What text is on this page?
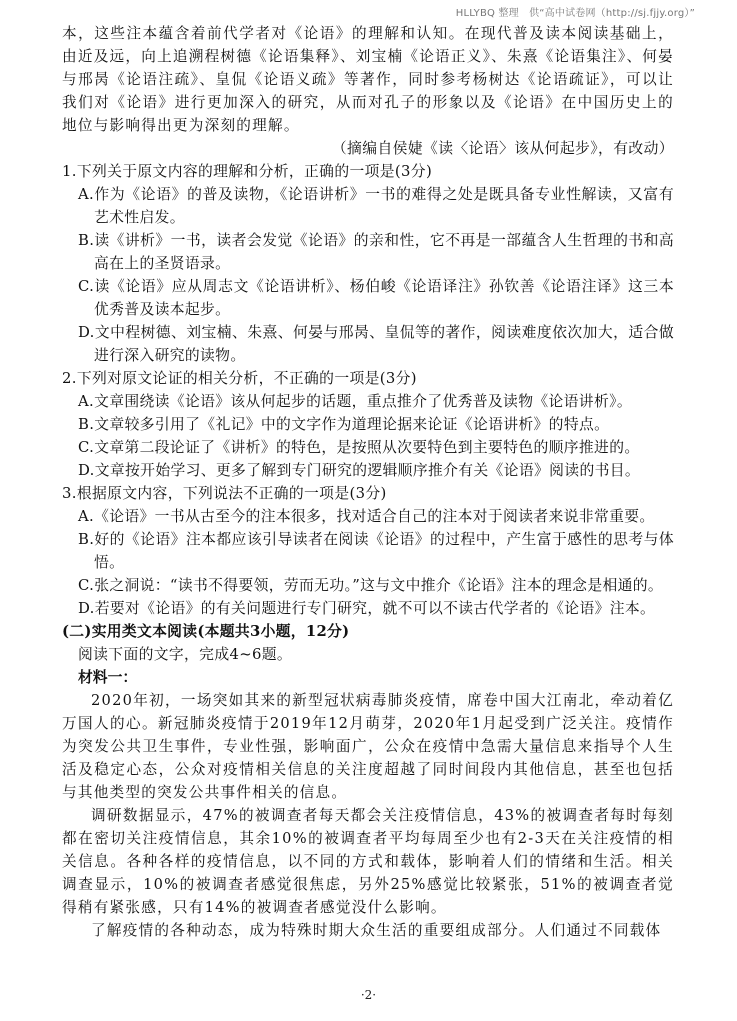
HLLYBQ 整理　供“高中试卷网（http://sj.fjjy.org）”

本，这些注本蕴含着前代学者对《论语》的理解和认知。在现代普及读本阅读基础上，由近及远，向上追溯程树德《论语集释》、刘宝楠《论语正义》、朱熹《论语集注》、何晏与邢昺《论语注疏》、皇侃《论语义疏》等著作，同时参考杨树达《论语疏证》，可以让我们对《论语》进行更加深入的研究，从而对孔子的形象以及《论语》在中国历史上的地位与影响得出更为深刻的理解。

（摘编自侯婕《读〈论语〉该从何起步》，有改动）

1.下列关于原文内容的理解和分析，正确的一项是(3分)

A.作为《论语》的普及读物，《论语讲析》一书的难得之处是既具备专业性解读，又富有艺术性启发。

B.读《讲析》一书，读者会发觉《论语》的亲和性，它不再是一部蕴含人生哲理的书和高高在上的圣贤语录。

C.读《论语》应从周志文《论语讲析》、杨伯峻《论语译注》孙钦善《论语注译》这三本优秀普及读本起步。

D.文中程树德、刘宝楠、朱熹、何晏与邢昺、皇侃等的著作，阅读难度依次加大，适合做进行深入研究的读物。

2.下列对原文论证的相关分析，不正确的一项是(3分)

A.文章围绕读《论语》该从何起步的话题，重点推介了优秀普及读物《论语讲析》。

B.文章较多引用了《礼记》中的文字作为道理论据来论证《论语讲析》的特点。

C.文章第二段论证了《讲析》的特色，是按照从次要特色到主要特色的顺序推进的。

D.文章按开始学习、更多了解到专门研究的逻辑顺序推介有关《论语》阅读的书目。

3.根据原文内容，下列说法不正确的一项是(3分)

A.《论语》一书从古至今的注本很多，找对适合自己的注本对于阅读者来说非常重要。

B.好的《论语》注本都应该引导读者在阅读《论语》的过程中，产生富于感性的思考与体悟。

C.张之洞说：“读书不得要领，劳而无功。”这与文中推介《论语》注本的理念是相通的。

D.若要对《论语》的有关问题进行专门研究，就不可以不读古代学者的《论语》注本。

(二)实用类文本阅读(本题共3小题，12分)

阅读下面的文字，完成4~6题。

材料一：

2020年初，一场突如其来的新型冠状病毒肺炎疫情，席卷中国大江南北，牵动着亿万国人的心。新冠肺炎疫情于2019年12月萌芽，2020年1月起受到广泛关注。疫情作为突发公共卫生事件，专业性强，影响面广，公众在疫情中急需大量信息来指导个人生活及稳定心态，公众对疫情相关信息的关注度超越了同时间段内其他信息，甚至也包括与其他类型的突发公共事件相关的信息。

调研数据显示，47%的被调查者每天都会关注疫情信息，43%的被调查者每时每刻都在密切关注疫情信息，其余10%的被调查者平均每周至少也有2-3天在关注疫情的相关信息。各种各样的疫情信息，以不同的方式和载体，影响着人们的情绪和生活。相关调查显示，10%的被调查者感觉很焦虑，另外25%感觉比较紧张，51%的被调查者觉得稍有紧张感，只有14%的被调查者感觉没什么影响。

了解疫情的各种动态，成为特殊时期大众生活的重要组成部分。人们通过不同载体

·2·
